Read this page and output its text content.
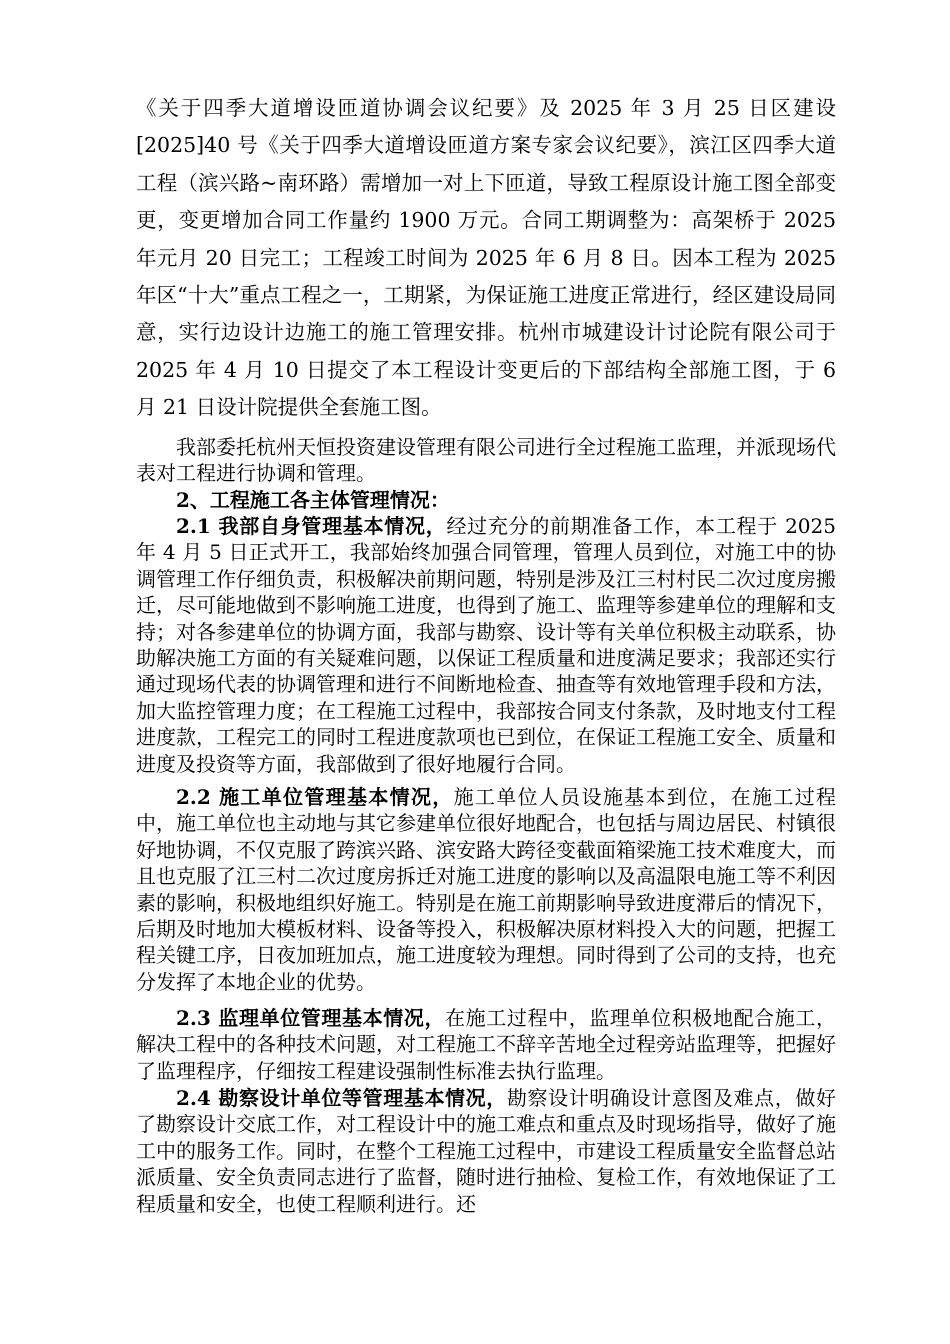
《关于四季大道增设匝道协调会议纪要》及 2025 年 3 月 25 日区建设[2025]40 号《关于四季大道增设匝道方案专家会议纪要》，滨江区四季大道工程（滨兴路~南环路）需增加一对上下匝道，导致工程原设计施工图全部变更，变更增加合同工作量约 1900 万元。合同工期调整为：高架桥于 2025 年元月 20 日完工；工程竣工时间为 2025 年 6 月 8 日。因本工程为 2025 年区“十大”重点工程之一，工期紧，为保证施工进度正常进行，经区建设局同意，实行边设计边施工的施工管理安排。杭州市城建设计讨论院有限公司于 2025 年 4 月 10 日提交了本工程设计变更后的下部结构全部施工图，于 6 月 21 日设计院提供全套施工图。

我部委托杭州天恒投资建设管理有限公司进行全过程施工监理，并派现场代表对工程进行协调和管理。

2、工程施工各主体管理情况：

2.1 我部自身管理基本情况，经过充分的前期准备工作，本工程于 2025 年 4 月 5 日正式开工，我部始终加强合同管理，管理人员到位，对施工中的协调管理工作仔细负责，积极解决前期问题，特别是涉及江三村村民二次过度房搬迁，尽可能地做到不影响施工进度，也得到了施工、监理等参建单位的理解和支持；对各参建单位的协调方面，我部与勘察、设计等有关单位积极主动联系，协助解决施工方面的有关疑难问题，以保证工程质量和进度满足要求；我部还实行通过现场代表的协调管理和进行不间断地检查、抽查等有效地管理手段和方法，加大监控管理力度；在工程施工过程中，我部按合同支付条款，及时地支付工程进度款，工程完工的同时工程进度款项也已到位，在保证工程施工安全、质量和进度及投资等方面，我部做到了很好地履行合同。

2.2 施工单位管理基本情况，施工单位人员设施基本到位，在施工过程中，施工单位也主动地与其它参建单位很好地配合，也包括与周边居民、村镇很好地协调，不仅克服了跨滨兴路、滨安路大跨径变截面箱梁施工技术难度大，而且也克服了江三村二次过度房拆迁对施工进度的影响以及高温限电施工等不利因素的影响，积极地组织好施工。特别是在施工前期影响导致进度滞后的情况下，后期及时地加大模板材料、设备等投入，积极解决原材料投入大的问题，把握工程关键工序，日夜加班加点，施工进度较为理想。同时得到了公司的支持，也充分发挥了本地企业的优势。

2.3 监理单位管理基本情况，在施工过程中，监理单位积极地配合施工，解决工程中的各种技术问题，对工程施工不辞辛苦地全过程旁站监理等，把握好了监理程序，仔细按工程建设强制性标准去执行监理。

2.4 勘察设计单位等管理基本情况，勘察设计明确设计意图及难点，做好了勘察设计交底工作，对工程设计中的施工难点和重点及时现场指导，做好了施工中的服务工作。同时，在整个工程施工过程中，市建设工程质量安全监督总站派质量、安全负责同志进行了监督，随时进行抽检、复检工作，有效地保证了工程质量和安全，也使工程顺利进行。还
